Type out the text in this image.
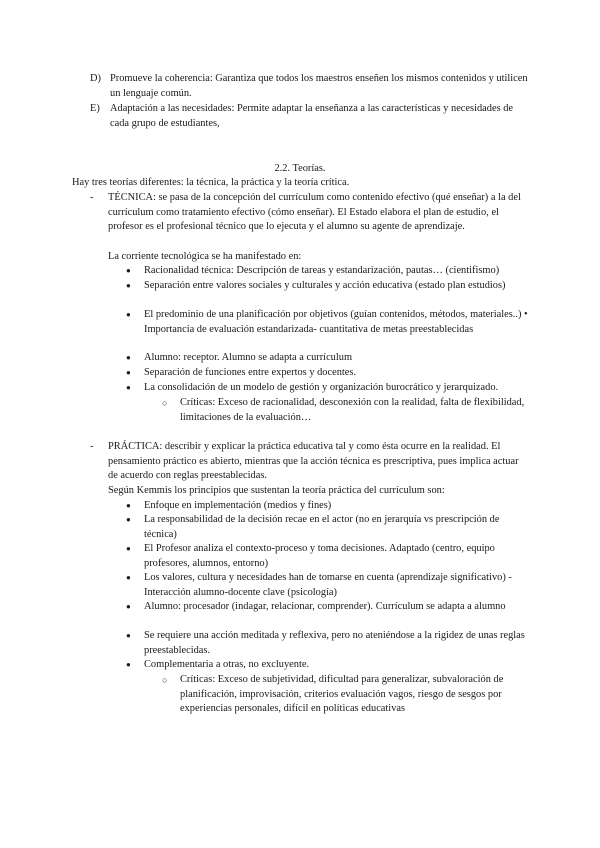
D) Promueve la coherencia: Garantiza que todos los maestros enseñen los mismos contenidos y utilicen un lenguaje común.
E) Adaptación a las necesidades: Permite adaptar la enseñanza a las características y necesidades de cada grupo de estudiantes,
2.2. Teorías.
Hay tres teorías diferentes: la técnica, la práctica y la teoría crítica.
- TÉCNICA: se pasa de la concepción del currículum como contenido efectivo (qué enseñar) a la del currículum como tratamiento efectivo (cómo enseñar). El Estado elabora el plan de estudio, el profesor es el profesional técnico que lo ejecuta y el alumno su agente de aprendizaje.
La corriente tecnológica se ha manifestado en:
● Racionalidad técnica: Descripción de tareas y estandarización, pautas… (cientifismo)
● Separación entre valores sociales y culturales y acción educativa (estado plan estudios)
● El predominio de una planificación por objetivos (guían contenidos, métodos, materiales..) • Importancia de evaluación estandarizada- cuantitativa de metas preestablecidas
● Alumno: receptor. Alumno se adapta a currículum
● Separación de funciones entre expertos y docentes.
● La consolidación de un modelo de gestión y organización burocrático y jerarquizado.
○ Críticas: Exceso de racionalidad, desconexión con la realidad, falta de flexibilidad, limitaciones de la evaluación…
- PRÁCTICA: describir y explicar la práctica educativa tal y como ésta ocurre en la realidad. El pensamiento práctico es abierto, mientras que la acción técnica es prescriptiva, pues implica actuar de acuerdo con reglas preestablecidas.
Según Kemmis los principios que sustentan la teoría práctica del currículum son:
● Enfoque en implementación (medios y fines)
● La responsabilidad de la decisión recae en el actor (no en jerarquía vs prescripción de técnica)
● El Profesor analiza el contexto-proceso y toma decisiones. Adaptado (centro, equipo profesores, alumnos, entorno)
● Los valores, cultura y necesidades han de tomarse en cuenta (aprendizaje significativo) -Interacción alumno-docente clave (psicología)
● Alumno: procesador (indagar, relacionar, comprender). Currículum se adapta a alumno
● Se requiere una acción meditada y reflexiva, pero no ateniéndose a la rigidez de unas reglas preestablecidas.
● Complementaria a otras, no excluyente.
○ Críticas: Exceso de subjetividad, dificultad para generalizar, subvaloración de planificación, improvisación, criterios evaluación vagos, riesgo de sesgos por experiencias personales, difícil en políticas educativas
